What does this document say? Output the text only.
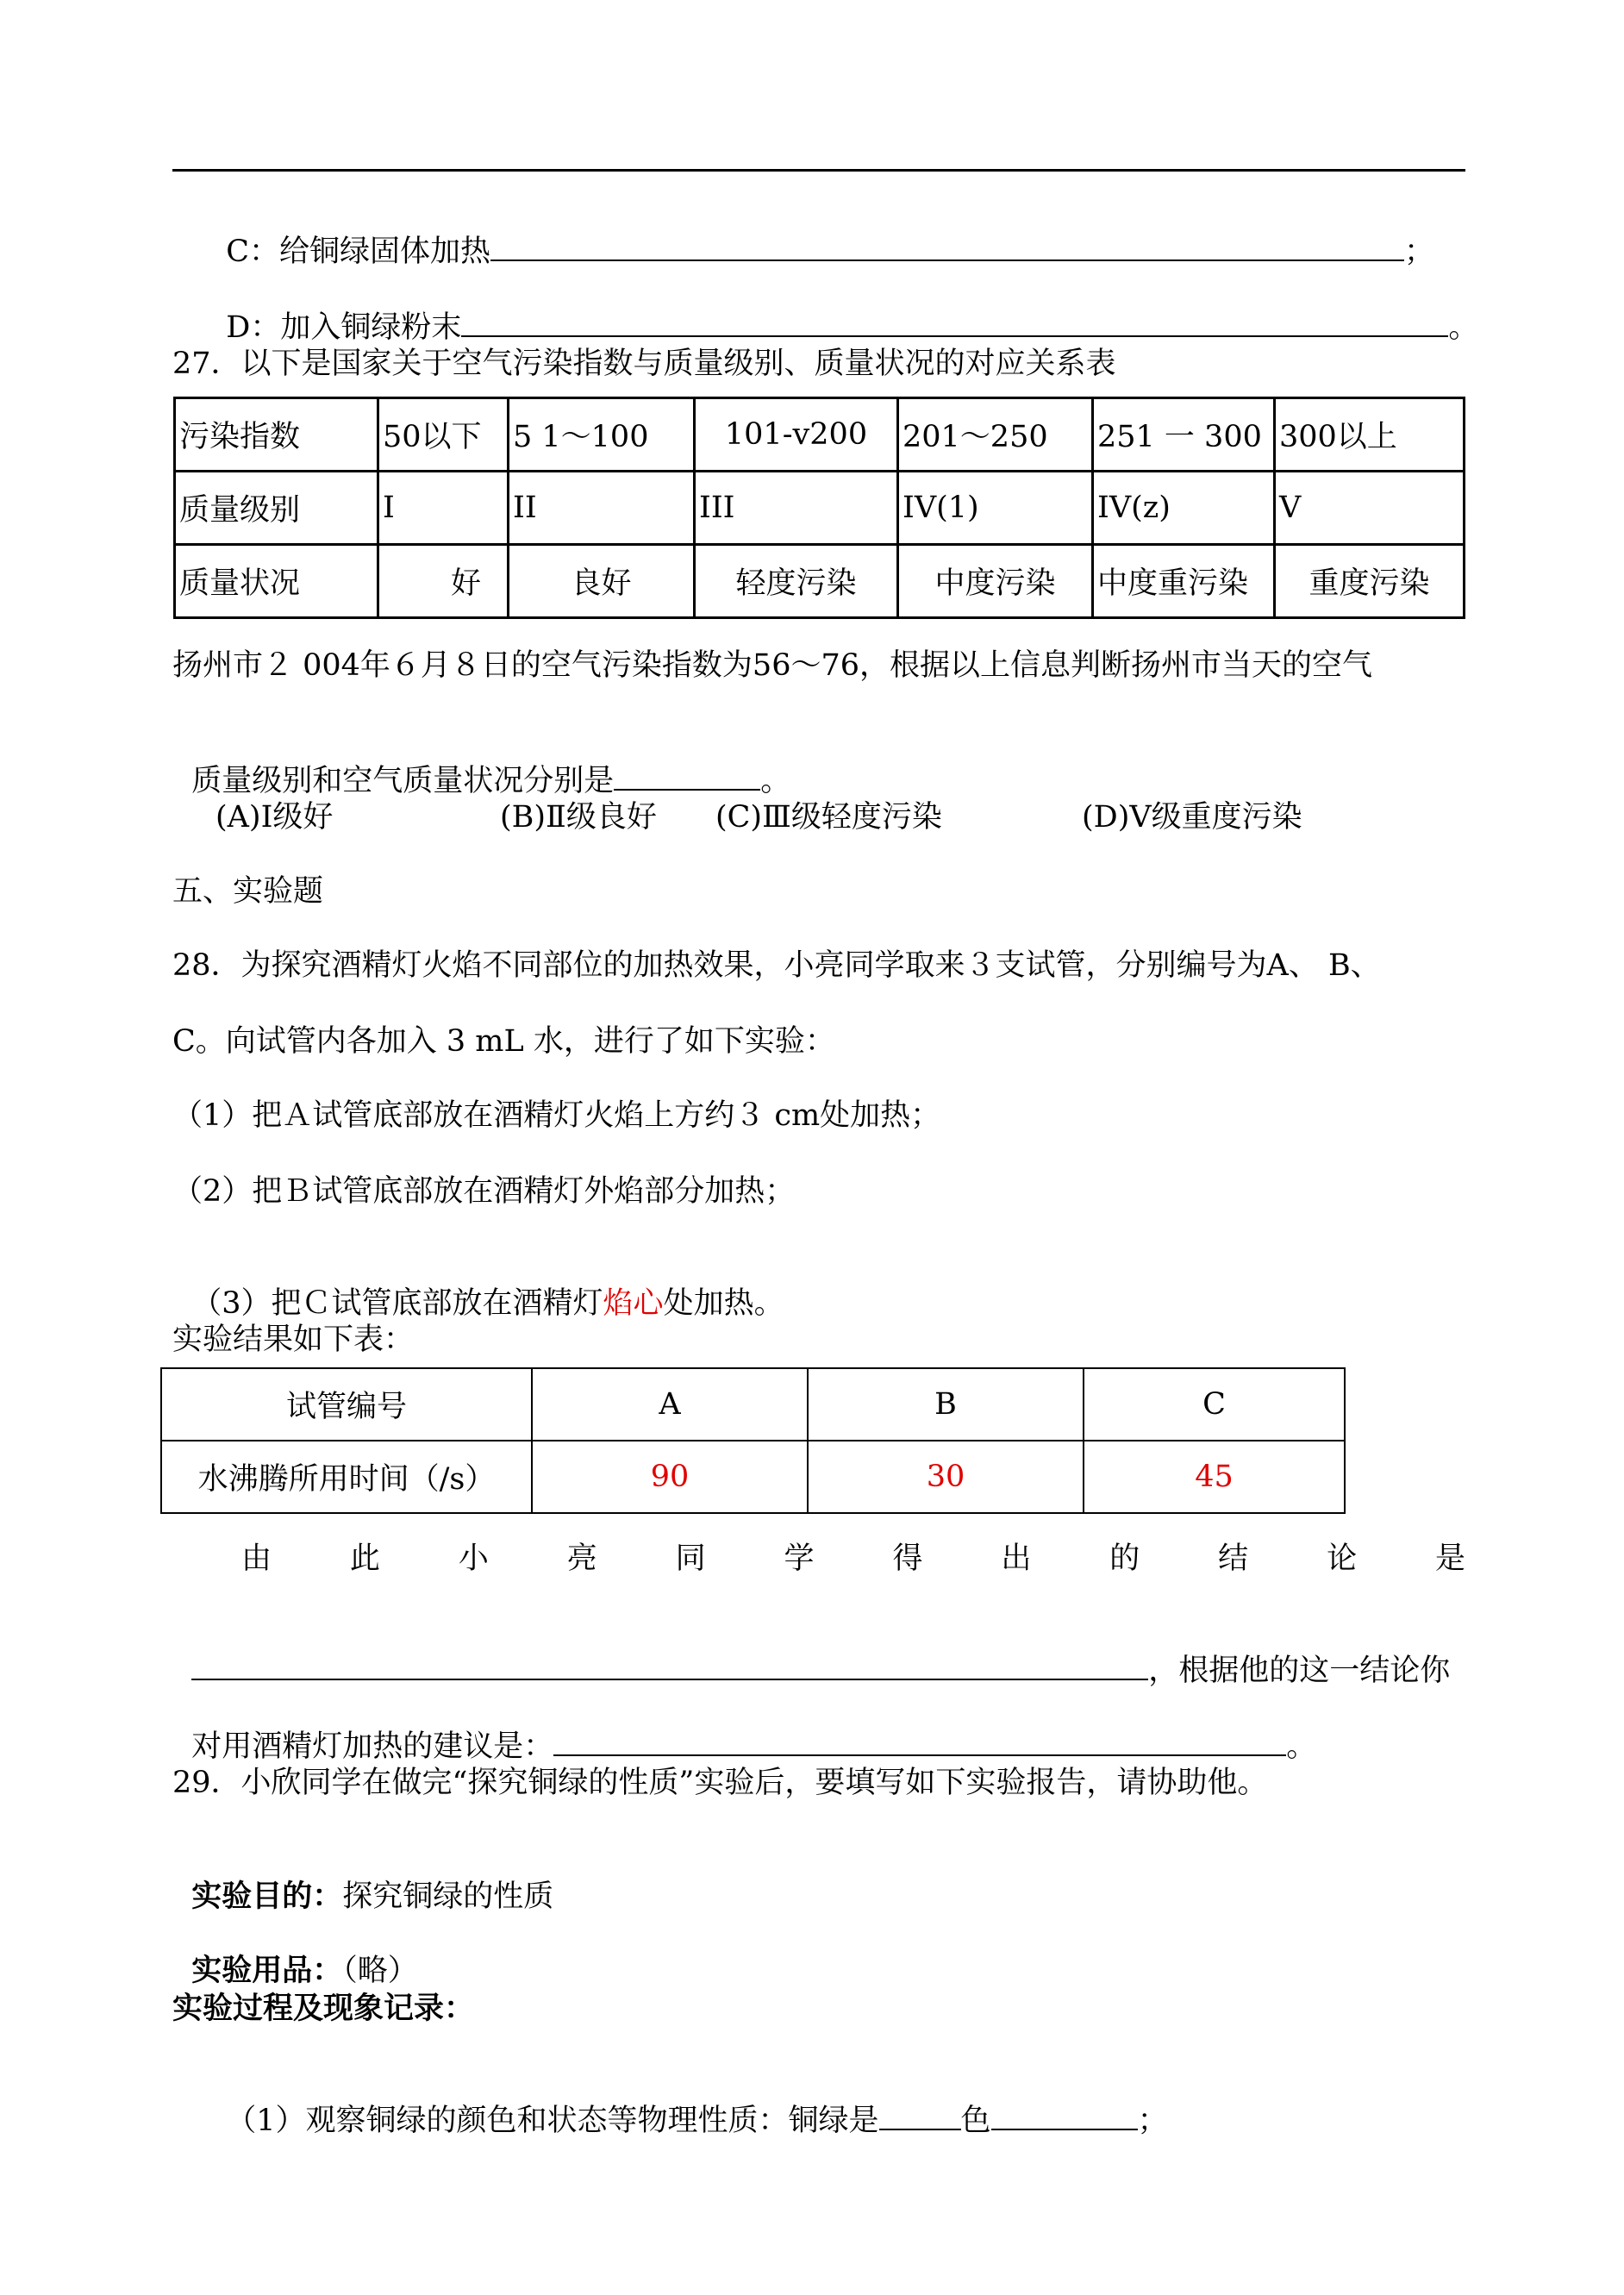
C：给铜绿固体加热	；

D：加入铜绿粉末	。

27．以下是国家关于空气污染指数与质量级别、质量状况的对应关系表
污染指数	50以下	5 1～100	101-v200	201～250	251 一 300	300以上
质量级别	I	II	III	IV(1)	IV(z)	V
质量状况	好	良好	轻度污染	中度污染	中度重污染	重度污染
扬州市２ 004年６月８日的空气污染指数为56～76，根据以上信息判断扬州市当天的空气

质量级别和空气质量状况分别是	。

(A)Ⅰ级好	(B)Ⅱ级良好 (C)Ⅲ级轻度污染	(D)Ⅴ级重度污染
五、实验题
28．为探究酒精灯火焰不同部位的加热效果，小亮同学取来３支试管，分别编号为A、 B、
C。向试管内各加入 3 mL 水，进行了如下实验：
（1）把Ａ试管底部放在酒精灯火焰上方约３ cm处加热；
（2）把Ｂ试管底部放在酒精灯外焰部分加热；

（3）把Ｃ试管底部放在酒精灯焰心处加热。

实验结果如下表：
试管编号	A	B	C
水沸腾所用时间（/s）	90	30	45
由	此	小	亮	同	学	得	出	的	结	论	是

，根据他的这一结论你

对用酒精灯加热的建议是：	。

29．小欣同学在做完“探究铜绿的性质”实验后，要填写如下实验报告，请协助他。

实验目的：探究铜绿的性质

实验用品：（略）

实验过程及现象记录：

（1）观察铜绿的颜色和状态等物理性质：铜绿是	色	；
